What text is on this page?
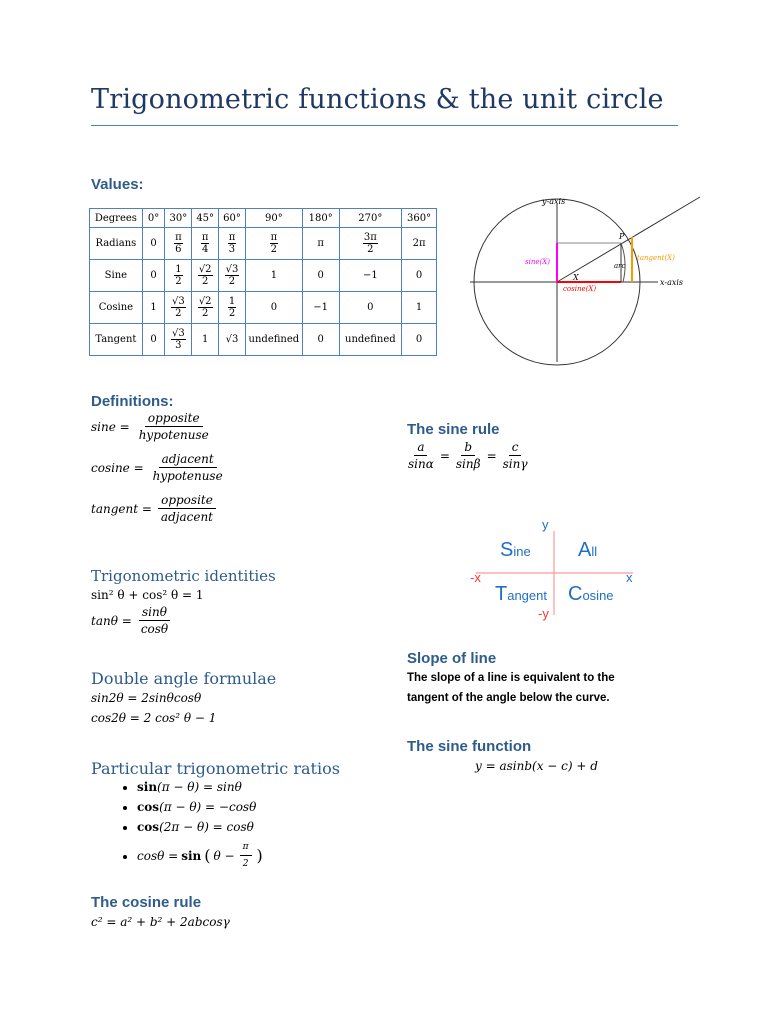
Trigonometric functions & the unit circle
Values:
Degrees	0°	30°	45°	60°	90°	180°	270°	360°
Radians	0	$\frac{\pi}{6}$	$\frac{\pi}{4}$	$\frac{\pi}{3}$	$\frac{\pi}{2}$	π	$\frac{3\pi}{2}$	2π
Sine	0	$\frac{1}{2}$	$\frac{√2}{2}$	$\frac{√3}{2}$	1	0	−1	0
Cosine	1	$\frac{√3}{2}$	$\frac{√2}{2}$	$\frac{1}{2}$	0	−1	0	1
Tangent	0	$\frac{√3}{3}$	1	√3	undefined	0	undefined	0
y-axis
x-axis
P
X
arc
sine(X)
cosine(X)
tangent(X)
Definitions:
$\sin e = \frac{\text{opposite}}{\text{hypotenuse}}$
$cosine = \frac{\text{adjacent}}{\text{hypotenuse}}$
tangent = $\frac{\text{opposite}}{\text{adjacent}}$
The sine rule
$\frac{a}{\sin\alpha} = \frac{b}{\sin\beta} = \frac{c}{\sin\gamma}$
y
-y
x
-x
Sine All
Tangent Cosine
Trigonometric identities
sin² θ + cos² θ = 1
$\tan\theta = \frac{\sin\theta}{\cos\theta}$
Slope of line
The slope of a line is equivalent to the
tangent of the angle below the curve.
Double angle formulae
sin2θ = 2sinθcosθ
cos2θ = 2 cos² θ − 1
The sine function
y = asinb(x − c) + d
Particular trigonometric ratios
• sin(π − θ) = sinθ
• cos(π − θ) = −cosθ
• cos(2π − θ) = cosθ
• cosθ = sin ( $\theta - \frac{\pi}{2}$ )
The cosine rule
c² = a² + b² + 2abcosγ
